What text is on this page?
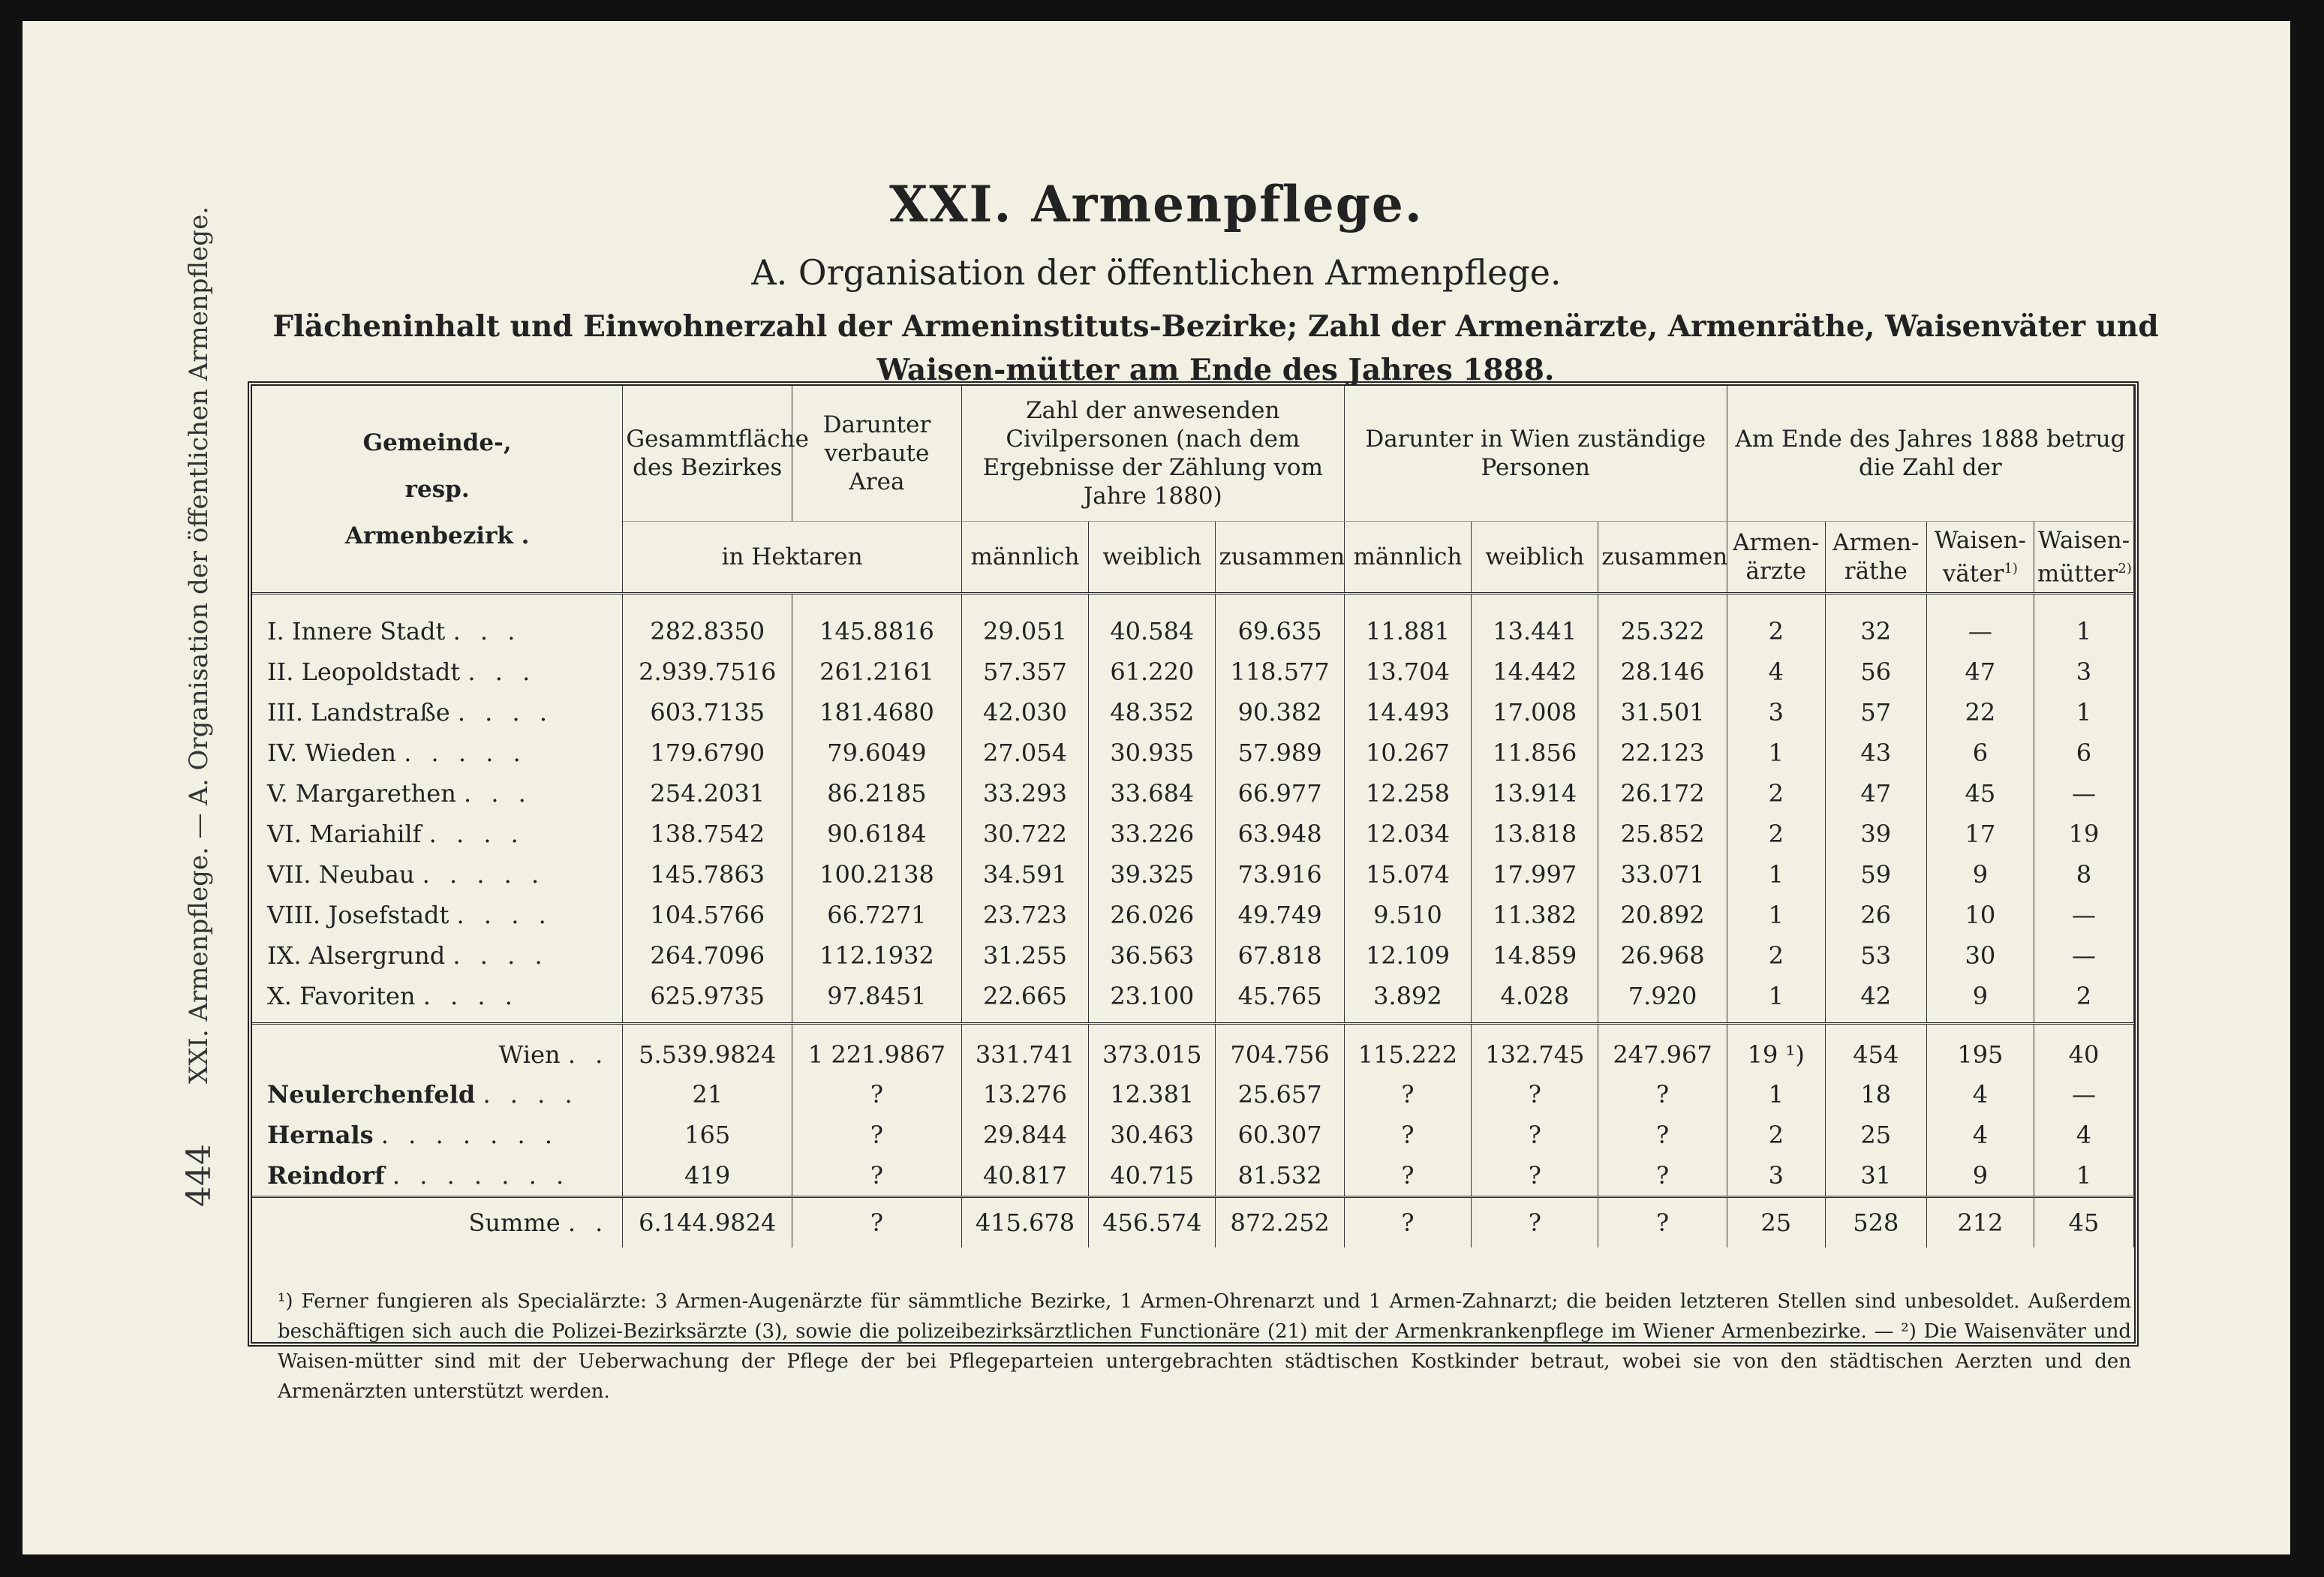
444
XXI. Armenpflege. — A. Organisation der öffentlichen Armenpflege.
XXI. Armenpflege.
A. Organisation der öffentlichen Armenpflege.
Flächeninhalt und Einwohnerzahl der Armeninstituts-Bezirke; Zahl der Armenärzte, Armenräthe, Waisenväter und Waisen-mütter am Ende des Jahres 1888.
Gemeinde-,
resp.
Armenbezirk .	Gesammtfläche des Bezirkes	Darunter verbaute Area	Zahl der anwesenden Civilpersonen (nach dem Ergebnisse der Zählung vom Jahre 1880)			Darunter in Wien zuständige Personen			Am Ende des Jahres 1888 betrug die Zahl der			
	in Hektaren		männlich	weiblich	zusammen	männlich	weiblich	zusammen	Armen-ärzte	Armen-räthe	Waisen-väter$^{1)}$	Waisen-mütter$^{2)}$
I. Innere Stadt . . .	282.8350	145.8816	29.051	40.584	69.635	11.881	13.441	25.322	2	32	—	1
II. Leopoldstadt . . .	2.939.7516	261.2161	57.357	61.220	118.577	13.704	14.442	28.146	4	56	47	3
III. Landstraße . . . .	603.7135	181.4680	42.030	48.352	90.382	14.493	17.008	31.501	3	57	22	1
IV. Wieden . . . . .	179.6790	79.6049	27.054	30.935	57.989	10.267	11.856	22.123	1	43	6	6
V. Margarethen . . .	254.2031	86.2185	33.293	33.684	66.977	12.258	13.914	26.172	2	47	45	—
VI. Mariahilf . . . .	138.7542	90.6184	30.722	33.226	63.948	12.034	13.818	25.852	2	39	17	19
VII. Neubau . . . . .	145.7863	100.2138	34.591	39.325	73.916	15.074	17.997	33.071	1	59	9	8
VIII. Josefstadt . . . .	104.5766	66.7271	23.723	26.026	49.749	9.510	11.382	20.892	1	26	10	—
IX. Alsergrund . . . .	264.7096	112.1932	31.255	36.563	67.818	12.109	14.859	26.968	2	53	30	—
X. Favoriten . . . .	625.9735	97.8451	22.665	23.100	45.765	3.892	4.028	7.920	1	42	9	2
Wien . .	5.539.9824	1 221.9867	331.741	373.015	704.756	115.222	132.745	247.967	19 ¹)	454	195	40
Neulerchenfeld . . . .	21	?	13.276	12.381	25.657	?	?	?	1	18	4	—
Hernals . . . . . . .	165	?	29.844	30.463	60.307	?	?	?	2	25	4	4
Reindorf . . . . . . .	419	?	40.817	40.715	81.532	?	?	?	3	31	9	1
Summe . .	6.144.9824	?	415.678	456.574	872.252	?	?	?	25	528	212	45
¹) Ferner fungieren als Specialärzte: 3 Armen-Augenärzte für sämmtliche Bezirke, 1 Armen-Ohrenarzt und 1 Armen-Zahnarzt; die beiden letzteren Stellen sind unbesoldet. Außerdem beschäftigen sich auch die Polizei-Bezirksärzte (3), sowie die polizeibezirksärztlichen Functionäre (21) mit der Armenkrankenpflege im Wiener Armenbezirke. — ²) Die Waisenväter und Waisen-mütter sind mit der Ueberwachung der Pflege der bei Pflegeparteien untergebrachten städtischen Kostkinder betraut, wobei sie von den städtischen Aerzten und den Armenärzten unterstützt werden.
